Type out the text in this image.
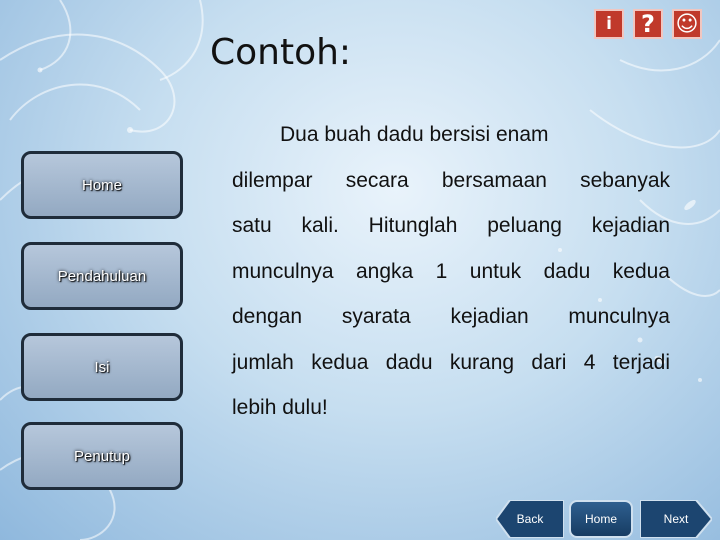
Contoh:
i	? ☺
Home
Pendahuluan
Isi
Penutup
Dua buah dadu bersisi enam
dilempar secara bersamaan sebanyak
satu kali. Hitunglah peluang kejadian
munculnya angka 1 untuk dadu kedua
dengan syarata kejadian munculnya
jumlah kedua dadu kurang dari 4 terjadi
lebih dulu!
Back	Home	Next
